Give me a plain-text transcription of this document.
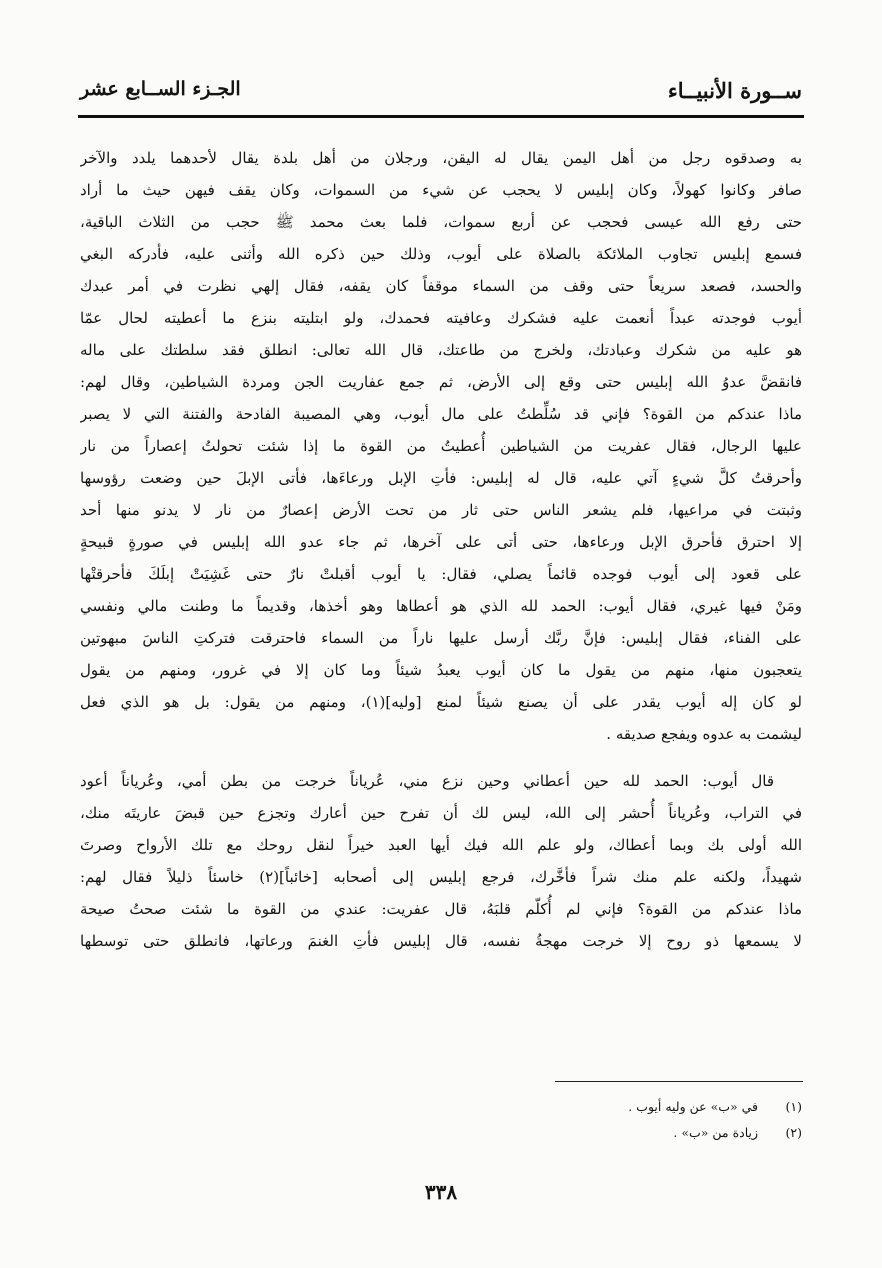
ســورة الأنبيــاء
الجـزء الســابع عشر
به وصدقوه رجل من أهل اليمن يقال له اليقن، ورجلان من أهل بلدة يقال لأحدهما يلدد والآخر
صافر وكانوا كهولاً، وكان إبليس لا يحجب عن شيء من السموات، وكان يقف فيهن حيث ما أراد
حتى رفع الله عيسى فحجب عن أربع سموات، فلما بعث محمد ﷺ حجب من الثلاث الباقية،
فسمع إبليس تجاوب الملائكة بالصلاة على أيوب، وذلك حين ذكره الله وأثنى عليه، فأدركه البغي
والحسد، فصعد سريعاً حتى وقف من السماء موقفاً كان يقفه، فقال إلهي نظرت في أمر عبدك
أيوب فوجدته عبداً أنعمت عليه فشكرك وعافيته فحمدك، ولو ابتليته بنزع ما أعطيته لحال عمّا
هو عليه من شكرك وعبادتك، ولخرج من طاعتك، قال الله تعالى: انطلق فقد سلطتك على ماله
فانقضَّ عدوُ الله إبليس حتى وقع إلى الأرض، ثم جمع عفاريت الجن ومردة الشياطين، وقال لهم:
ماذا عندكم من القوة؟ فإني قد سُلِّطتُ على مال أيوب، وهي المصيبة الفادحة والفتنة التي لا يصبر
عليها الرجال، فقال عفريت من الشياطين أُعطيتُ من القوة ما إذا شئت تحولتُ إعصاراً من نار
وأحرقتُ كلَّ شيءٍ آتي عليه، قال له إبليس: فأتِ الإبل ورعاءَها، فأتى الإبلَ حين وضعت رؤوسها
وثبتت في مراعيها، فلم يشعر الناس حتى ثار من تحت الأرض إعصارٌ من نار لا يدنو منها أحد
إلا احترق فأحرق الإبل ورعاءها، حتى أتى على آخرها، ثم جاء عدو الله إبليس في صورةٍ قبيحةٍ
على قعود إلى أيوب فوجده قائماً يصلي، فقال: يا أيوب أقبلتْ نارٌ حتى غَشِيَتْ إبلَكَ فأحرقتْها
ومَنْ فيها غيري، فقال أيوب: الحمد لله الذي هو أعطاها وهو أخذها، وقديماً ما وطنت مالي ونفسي
على الفناء، فقال إبليس: فإنَّ ربَّك أرسل عليها ناراً من السماء فاحترقت فتركتِ الناسَ مبهوتين
يتعجبون منها، منهم من يقول ما كان أيوب يعبدُ شيئاً وما كان إلا في غرور، ومنهم من يقول
لو كان إله أيوب يقدر على أن يصنع شيئاً لمنع [وليه](١)، ومنهم من يقول: بل هو الذي فعل
ليشمت به عدوه ويفجع صديقه .
قال أيوب: الحمد لله حين أعطاني وحين نزع مني، عُرياناً خرجت من بطن أمي، وعُرياناً أعود
في التراب، وعُرياناً أُحشر إلى الله، ليس لك أن تفرح حين أعارك وتجزع حين قبضَ عاريتَه منك،
الله أولى بك وبما أعطاك، ولو علم الله فيك أيها العبد خيراً لنقل روحك مع تلك الأرواح وصرتَ
شهيداً، ولكنه علم منك شراً فأخَّرك، فرجع إبليس إلى أصحابه [خائباً](٢) خاسئاً ذليلاً فقال لهم:
ماذا عندكم من القوة؟ فإني لم أُكلّم قلبَهُ، قال عفريت: عندي من القوة ما شئت صحتُ صيحة
لا يسمعها ذو روح إلا خرجت مهجةُ نفسه، قال إبليس فأتِ الغنمَ ورعاتها، فانطلق حتى توسطها
(١) في «ب» عن وليه أيوب .
(٢) زيادة من «ب» .
٣٣٨
